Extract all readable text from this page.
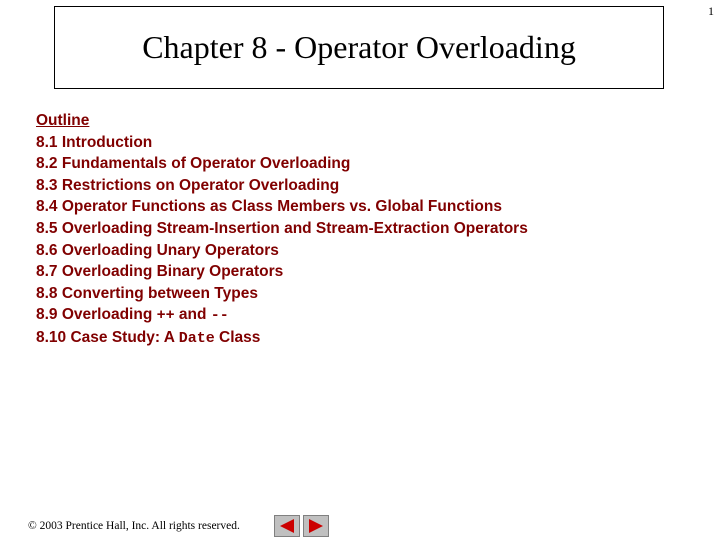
1
Chapter 8 - Operator Overloading
Outline
8.1 Introduction
8.2 Fundamentals of Operator Overloading
8.3 Restrictions on Operator Overloading
8.4 Operator Functions as Class Members vs. Global Functions
8.5 Overloading Stream-Insertion and Stream-Extraction Operators
8.6 Overloading Unary Operators
8.7 Overloading Binary Operators
8.8 Converting between Types
8.9 Overloading ++ and --
8.10 Case Study: A Date Class
© 2003 Prentice Hall, Inc. All rights reserved.
